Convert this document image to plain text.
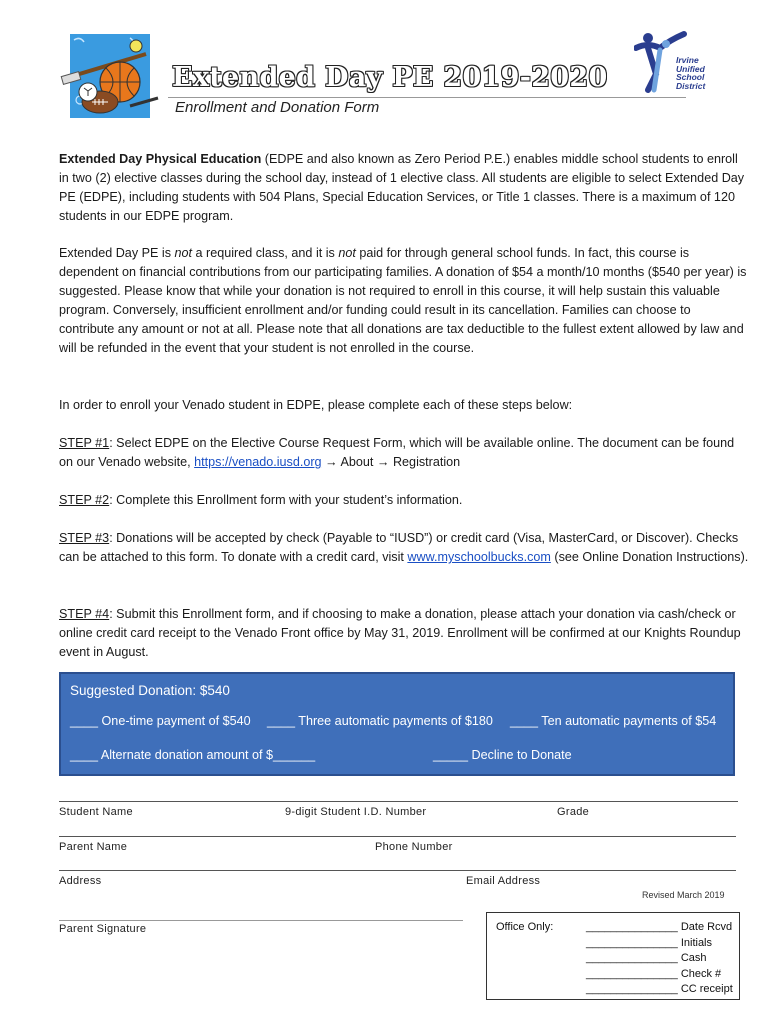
Irvine
Unified
School
District
Extended Day PE 2019-2020
Enrollment and Donation Form
Extended Day Physical Education (EDPE and also known as Zero Period P.E.) enables middle school students to enroll in two (2) elective classes during the school day, instead of 1 elective class. All students are eligible to select Extended Day PE (EDPE), including students with 504 Plans, Special Education Services, or Title 1 classes. There is a maximum of 120 students in our EDPE program.
Extended Day PE is not a required class, and it is not paid for through general school funds. In fact, this course is dependent on financial contributions from our participating families. A donation of $54 a month/10 months ($540 per year) is suggested. Please know that while your donation is not required to enroll in this course, it will help sustain this valuable program. Conversely, insufficient enrollment and/or funding could result in its cancellation. Families can choose to contribute any amount or not at all. Please note that all donations are tax deductible to the fullest extent allowed by law and will be refunded in the event that your student is not enrolled in the course.
In order to enroll your Venado student in EDPE, please complete each of these steps below:
STEP #1: Select EDPE on the Elective Course Request Form, which will be available online. The document can be found on our Venado website, https://venado.iusd.org → About → Registration
STEP #2: Complete this Enrollment form with your student’s information.
STEP #3: Donations will be accepted by check (Payable to “IUSD”) or credit card (Visa, MasterCard, or Discover). Checks can be attached to this form. To donate with a credit card, visit www.myschoolbucks.com (see Online Donation Instructions).
STEP #4: Submit this Enrollment form, and if choosing to make a donation, please attach your donation via cash/check or online credit card receipt to the Venado Front office by May 31, 2019. Enrollment will be confirmed at our Knights Roundup event in August.
Suggested Donation: $540
____ One-time payment of $540 ____ Three automatic payments of $180 ____ Ten automatic payments of $54
____ Alternate donation amount of $______	_____ Decline to Donate
Student Name	9-digit Student I.D. Number	Grade
Parent Name	Phone Number
Address	Email Address
Revised March 2019
____________________________________________________________________________________
Parent Signature	Office Only:	_______________ Date Rcvd
_______________ Initials
_______________ Cash
_______________ Check #
_______________ CC receipt
